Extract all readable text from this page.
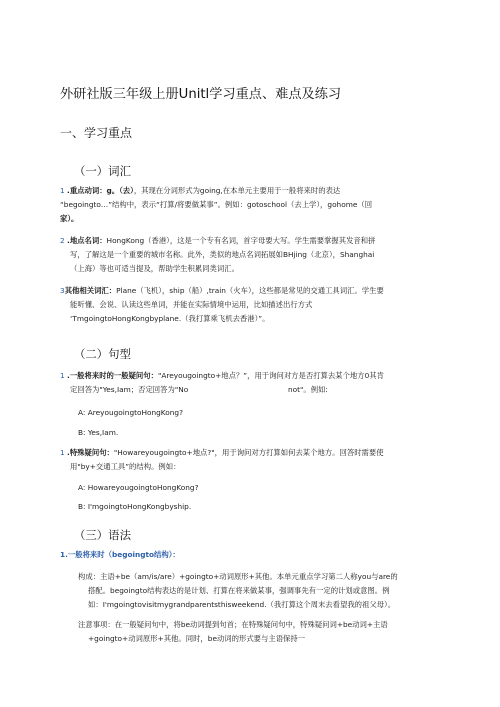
外研社版三年级上册Unitl学习重点、难点及练习
一、学习重点
（一）词汇
1 .重点动词：g。（去），其现在分词形式为going,在本单元主要用于一般将来时的表达
“begoingto…”结构中，表示“打算/将要做某事”。例如：gotoschool（去上学），gohome（回
家）。
2 .地点名词：HongKong（香港），这是一个专有名词，首字母要大写。学生需要掌握其发音和拼
写，了解这是一个重要的城市名称。此外，类似的地点名词拓展如BHjing（北京），Shanghai
（上海）等也可适当提及，帮助学生积累同类词汇。
3其他相关词汇：Plane（飞机），ship（船）,train（火车），这些都是常见的交通工具词汇。学生要
能听懂、会说、认读这些单词，并能在实际情境中运用，比如描述出行方式
‘TmgoingtoHongKongbyplane.（我打算乘飞机去香港）”。
（二）句型
1 .一般将来时的一般疑问句："Areyougoingto+地点？”，用于询问对方是否打算去某个地方0其肯
定回答为"Yes,Iam；否定回答为"No	not"。例如:
A: AreyougoingtoHongKong?
B: Yes,Iam.
1 .特殊疑问句："Howareyougoingto+地点?"，用于询问对方打算如何去某个地方。回答时需要使
用"by+交通工具”的结构。例如：
A: HowareyougoingtoHongKong?
B: I'mgoingtoHongKongbyship.
（三）语法
1.一般将来时（begoingto结构）：
构成：主语+be（am/is/are）+goingto+动词原形+其他。本单元重点学习第二人称you与are的
搭配。begoingto结构表达的是计划、打算在将来做某事，强调事先有一定的计划或意图。例
如：I'mgoingtovisitmygrandparentsthisweekend.（我打算这个周末去看望我的祖父母）。
注意事项：在一般疑问句中，将be动词提到句首；在特殊疑问句中，特殊疑问词+be动词+主语
+goingto+动词原形+其他。同时，be动词的形式要与主语保持一
